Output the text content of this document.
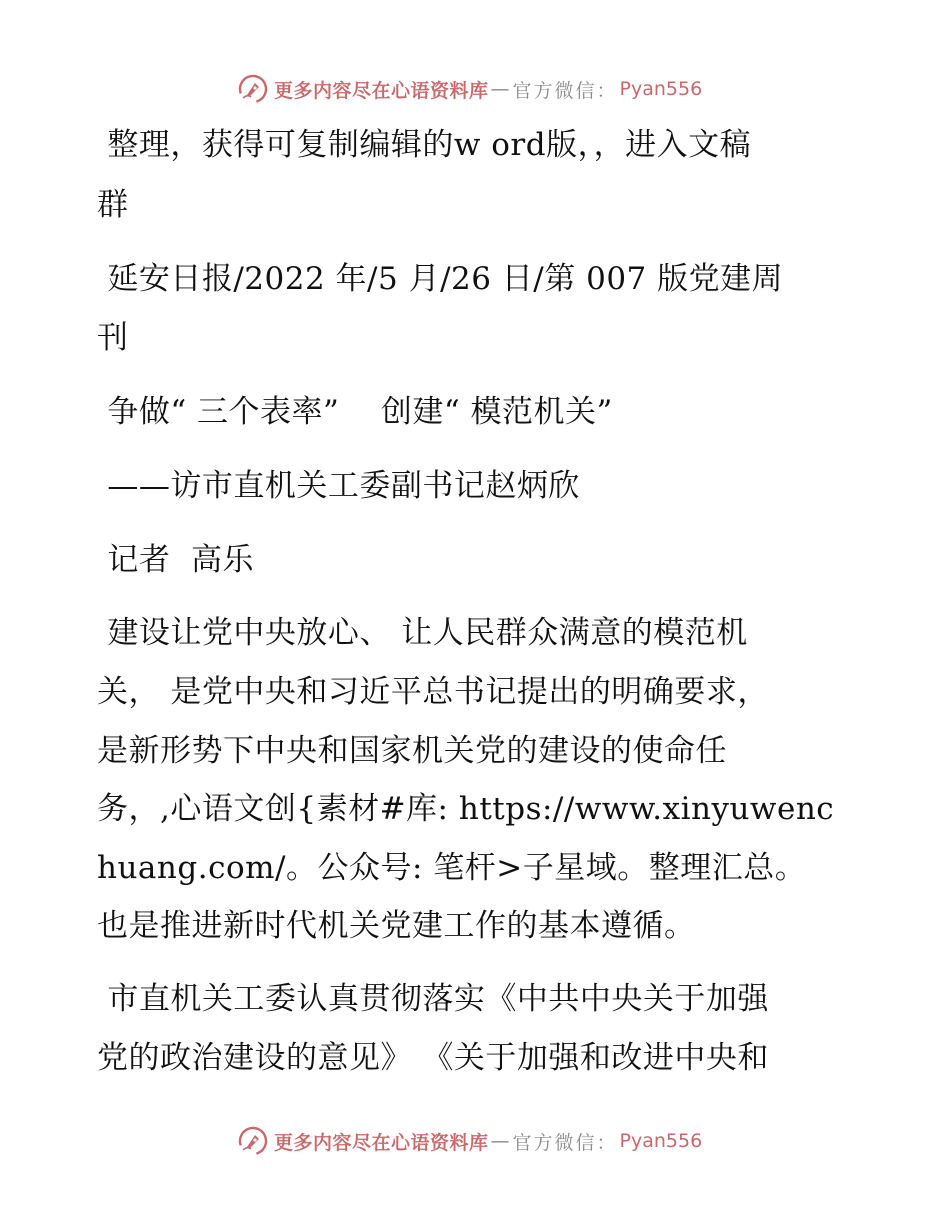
更多内容尽在心语资料库 — 官方微信： Pyan556
整理，获得可复制编辑的w ord版，，进入文稿
群
延安日报/2022 年/5 月/26 日/第 007 版党建周
刊
争做“ 三个表率”    创建“ 模范机关”
——访市直机关工委副书记赵炳欣
记者  高乐
建设让党中央放心、 让人民群众满意的模范机
关， 是党中央和习近平总书记提出的明确要求，
是新形势下中央和国家机关党的建设的使命任
务，,心语文创{素材#库: https://www.xinyuwenc
huang.com/。公众号: 笔杆>子星域。整理汇总。
也是推进新时代机关党建工作的基本遵循。
市直机关工委认真贯彻落实《中共中央关于加强
党的政治建设的意见》 《关于加强和改进中央和
更多内容尽在心语资料库 — 官方微信： Pyan556
